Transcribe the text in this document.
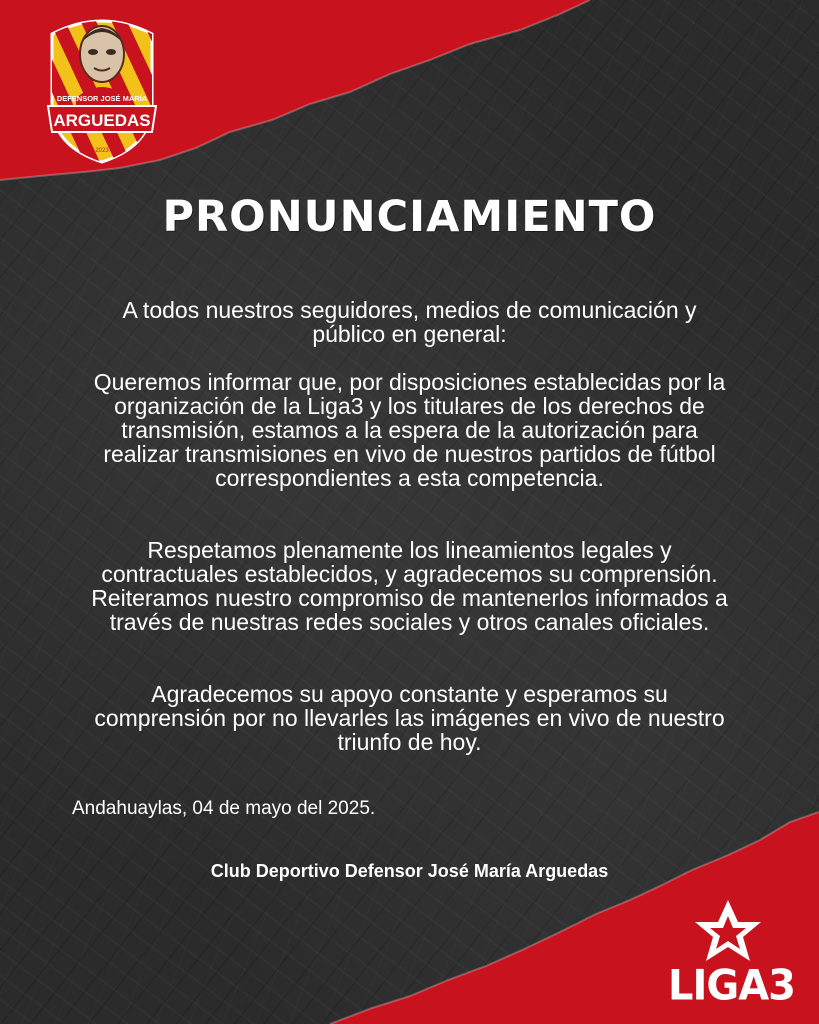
DEFENSOR JOSÉ MARÍA
ARGUEDAS
2023
PRONUNCIAMIENTO

A todos nuestros seguidores, medios de comunicación y público en general:

Queremos informar que, por disposiciones establecidas por la organización de la Liga3 y los titulares de los derechos de transmisión, estamos a la espera de la autorización para realizar transmisiones en vivo de nuestros partidos de fútbol correspondientes a esta competencia.

Respetamos plenamente los lineamientos legales y contractuales establecidos, y agradecemos su comprensión. Reiteramos nuestro compromiso de mantenerlos informados a través de nuestras redes sociales y otros canales oficiales.

Agradecemos su apoyo constante y esperamos su comprensión por no llevarles las imágenes en vivo de nuestro triunfo de hoy.

Andahuaylas, 04 de mayo del 2025.
Club Deportivo Defensor José María Arguedas
LIGA3
